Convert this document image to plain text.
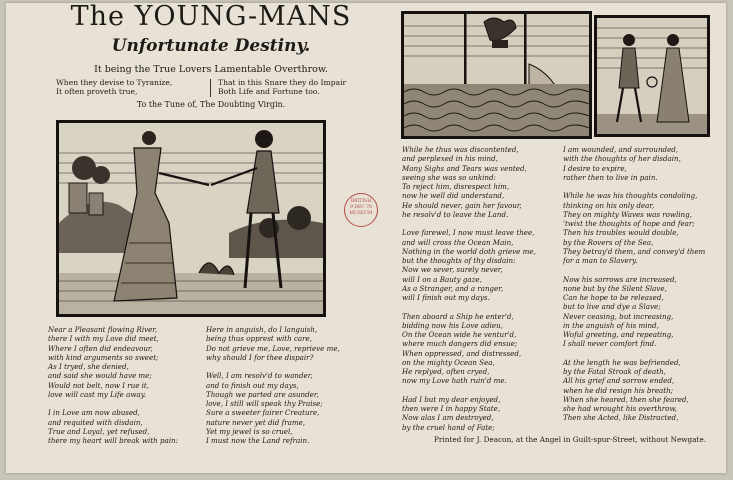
The YOUNG-MANS
Unfortunate Destiny.
It being the True Lovers Lamentable Overthrow.
When they devise to Tyranize,
It often proveth true,
That in this Snare they do Impair
Both Life and Fortune too.
To the Tune of, The Doubting Virgin.
BRITISH
9 DEC 78
MUSEUM
Near a Pleasant flowing River,
there I with my Love did meet,
Where I often did endeavour,
with kind arguments so sweet;
As I tryed, she denied,
and said she would have me;
Would not belt, now I rue it,
love will cast my Life away.
I in Love am now abused,
and requited with disdain,
True and Loyal, yet refused,
there my heart will break with pain:
Here in anguish, do I languish,
being thus opprest with care,
Do not grieve me, Love, reprieve me,
why should I for thee dispair?
Well, I am resolv'd to wander,
and to finish out my days,
Though we parted are asunder,
love, I still will speak thy Praise;
Sure a sweeter fairer Creature,
nature never yet did frame,
Yet my jewel is so cruel,
I must now the Land refrain.
While he thus was discontented,
and perplexed in his mind,
Many Sighs and Tears was vented,
seeing she was so unkind:
To reject him, disrespect him,
now he well did understand,
He should never, gain her favour,
he resolv'd to leave the Land.
Love farewel, I now must leave thee,
and will cross the Ocean Main,
Nothing in the world doth grieve me,
but the thoughts of thy disdain:
Now we sever, surely never,
will I on a Bauty gaze,
As a Stranger, and a ranger,
will I finish out my days.
Then aboard a Ship he enter'd,
bidding now his Love adieu,
On the Ocean wide he ventur'd,
where much dangers did ensue;
When oppressed, and distressed,
on the mighty Ocean Sea,
He replyed, often cryed,
now my Love hath ruin'd me.
Had I but my dear enjoyed,
then were I in happy State,
Now alas I am destroyed,
by the cruel hand of Fate;
I am wounded, and surrounded,
with the thoughts of her disdain,
I desire to expire,
rather then to live in pain.
While he was his thoughts condoling,
thinking on his only dear,
They on mighty Waves was rowling,
'twixt the thoughts of hope and fear;
Then his troubles would double,
by the Rovers of the Sea,
They betray'd them, and convey'd them
for a man to Slavery.
Now his sorrows are increased,
none but by the Silent Slave,
Can he hope to be released,
but to live and dye a Slave;
Never ceasing, but increasing,
in the anguish of his mind,
Woful greeting, and repeating,
I shall never comfort find.
At the length he was befriended,
by the Fatal Stroak of death,
All his grief and sorrow ended,
when he did resign his breath;
When she heared, then she feared,
she had wrought his overthrow,
Then she Acted, like Distracted,
Printed for J. Deacon, at the Angel in Guilt-spur-Street, without Newgate.
